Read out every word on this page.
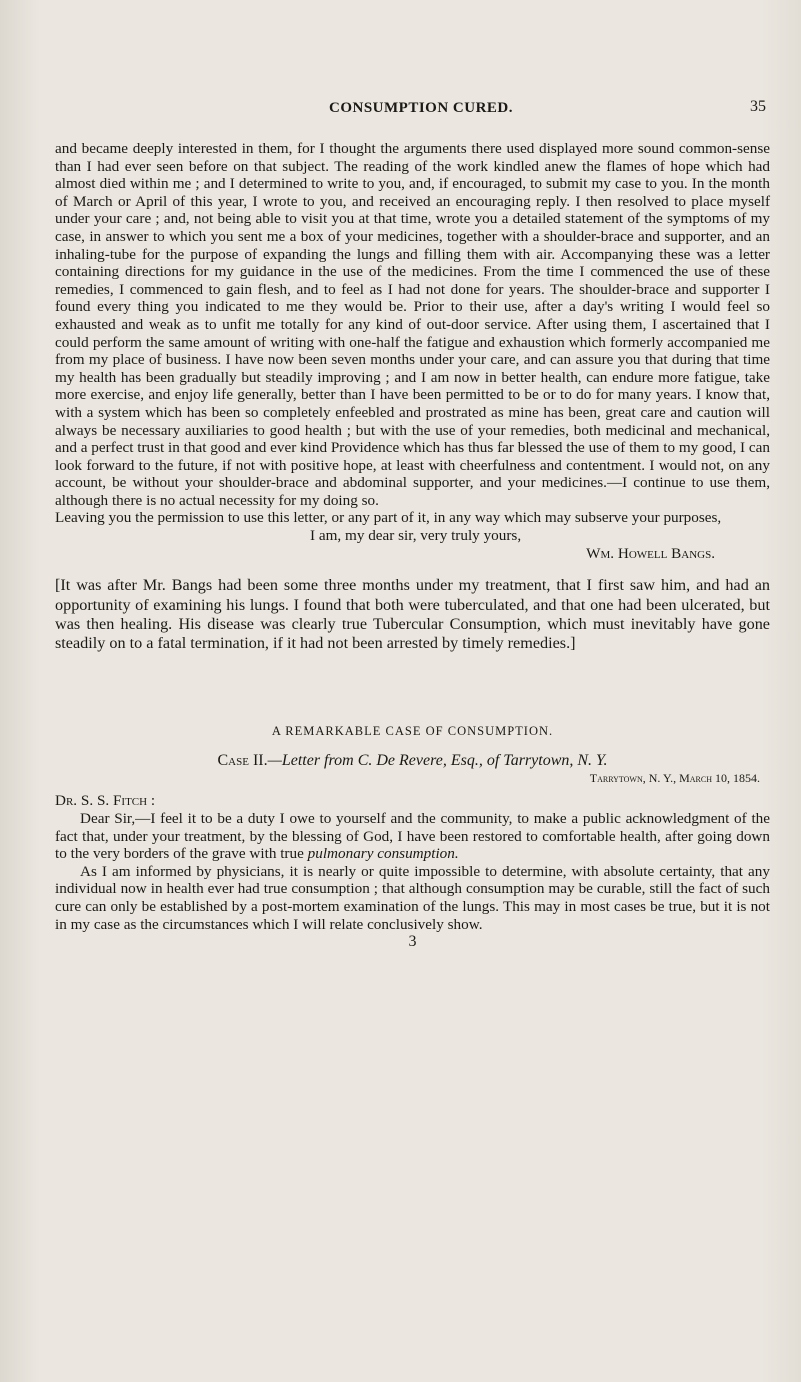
CONSUMPTION CURED.	35

and became deeply interested in them, for I thought the arguments there used displayed more sound common-sense than I had ever seen before on that subject. The reading of the work kindled anew the flames of hope which had almost died within me ; and I determined to write to you, and, if encouraged, to submit my case to you. In the month of March or April of this year, I wrote to you, and received an encouraging reply. I then resolved to place myself under your care ; and, not being able to visit you at that time, wrote you a detailed statement of the symptoms of my case, in answer to which you sent me a box of your medicines, together with a shoulder-brace and supporter, and an inhaling-tube for the purpose of expanding the lungs and filling them with air. Accompanying these was a letter containing directions for my guidance in the use of the medicines. From the time I commenced the use of these remedies, I commenced to gain flesh, and to feel as I had not done for years. The shoulder-brace and supporter I found every thing you indicated to me they would be. Prior to their use, after a day's writing I would feel so exhausted and weak as to unfit me totally for any kind of out-door service. After using them, I ascertained that I could perform the same amount of writing with one-half the fatigue and exhaustion which formerly accompanied me from my place of business. I have now been seven months under your care, and can assure you that during that time my health has been gradually but steadily improving ; and I am now in better health, can endure more fatigue, take more exercise, and enjoy life generally, better than I have been permitted to be or to do for many years. I know that, with a system which has been so completely enfeebled and prostrated as mine has been, great care and caution will always be necessary auxiliaries to good health ; but with the use of your remedies, both medicinal and mechanical, and a perfect trust in that good and ever kind Providence which has thus far blessed the use of them to my good, I can look forward to the future, if not with positive hope, at least with cheerfulness and contentment. I would not, on any account, be without your shoulder-brace and abdominal supporter, and your medicines.—I continue to use them, although there is no actual necessity for my doing so.

Leaving you the permission to use this letter, or any part of it, in any way which may subserve your purposes,

I am, my dear sir, very truly yours,

Wm. Howell Bangs.

[It was after Mr. Bangs had been some three months under my treatment, that I first saw him, and had an opportunity of examining his lungs. I found that both were tuberculated, and that one had been ulcerated, but was then healing. His disease was clearly true Tubercular Consumption, which must inevitably have gone steadily on to a fatal termination, if it had not been arrested by timely remedies.]

A REMARKABLE CASE OF CONSUMPTION.

Case II.—Letter from C. De Revere, Esq., of Tarrytown, N. Y.

Tarrytown, N. Y., March 10, 1854.

Dr. S. S. Fitch :

Dear Sir,—I feel it to be a duty I owe to yourself and the community, to make a public acknowledgment of the fact that, under your treatment, by the blessing of God, I have been restored to comfortable health, after going down to the very borders of the grave with true pulmonary consumption.

As I am informed by physicians, it is nearly or quite impossible to determine, with absolute certainty, that any individual now in health ever had true consumption ; that although consumption may be curable, still the fact of such cure can only be established by a post-mortem examination of the lungs. This may in most cases be true, but it is not in my case as the circumstances which I will relate conclusively show.

3
